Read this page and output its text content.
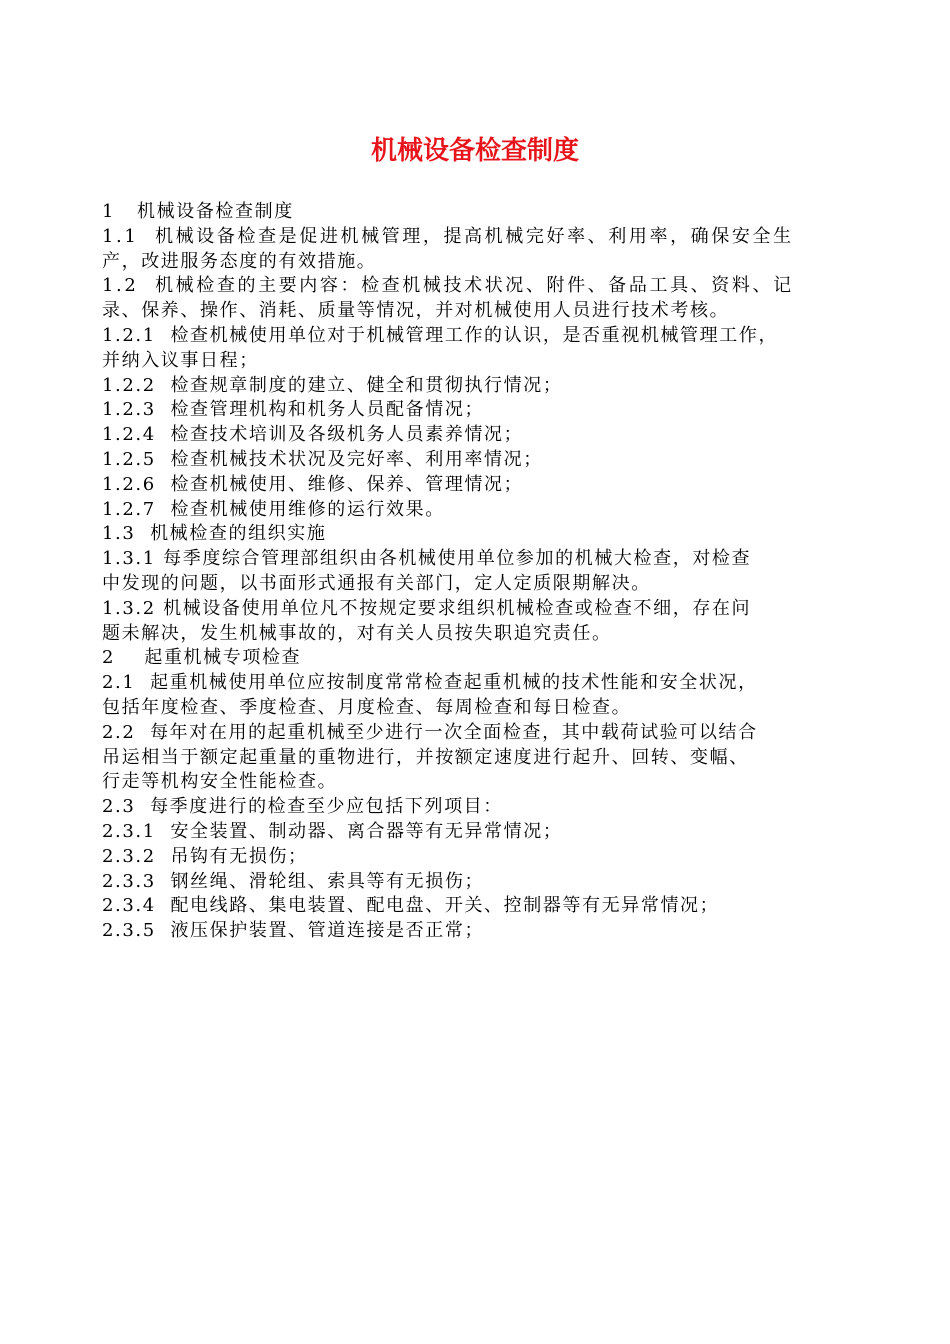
机械设备检查制度
1   机械设备检查制度
1.1  机械设备检查是促进机械管理，提高机械完好率、利用率，确保安全生
产，改进服务态度的有效措施。
1.2  机械检查的主要内容：检查机械技术状况、附件、备品工具、资料、记
录、保养、操作、消耗、质量等情况，并对机械使用人员进行技术考核。
1.2.1  检查机械使用单位对于机械管理工作的认识，是否重视机械管理工作，
并纳入议事日程；
1.2.2  检查规章制度的建立、健全和贯彻执行情况；
1.2.3  检查管理机构和机务人员配备情况；
1.2.4  检查技术培训及各级机务人员素养情况；
1.2.5  检查机械技术状况及完好率、利用率情况；
1.2.6  检查机械使用、维修、保养、管理情况；
1.2.7  检查机械使用维修的运行效果。
1.3  机械检查的组织实施
1.3.1 每季度综合管理部组织由各机械使用单位参加的机械大检查，对检查
中发现的问题，以书面形式通报有关部门，定人定质限期解决。
1.3.2 机械设备使用单位凡不按规定要求组织机械检查或检查不细，存在问
题未解决，发生机械事故的，对有关人员按失职追究责任。
2    起重机械专项检查
2.1  起重机械使用单位应按制度常常检查起重机械的技术性能和安全状况，
包括年度检查、季度检查、月度检查、每周检查和每日检查。
2.2  每年对在用的起重机械至少进行一次全面检查，其中载荷试验可以结合
吊运相当于额定起重量的重物进行，并按额定速度进行起升、回转、变幅、
行走等机构安全性能检查。
2.3  每季度进行的检查至少应包括下列项目：
2.3.1  安全装置、制动器、离合器等有无异常情况；
2.3.2  吊钩有无损伤；
2.3.3  钢丝绳、滑轮组、索具等有无损伤；
2.3.4  配电线路、集电装置、配电盘、开关、控制器等有无异常情况；
2.3.5  液压保护装置、管道连接是否正常；
